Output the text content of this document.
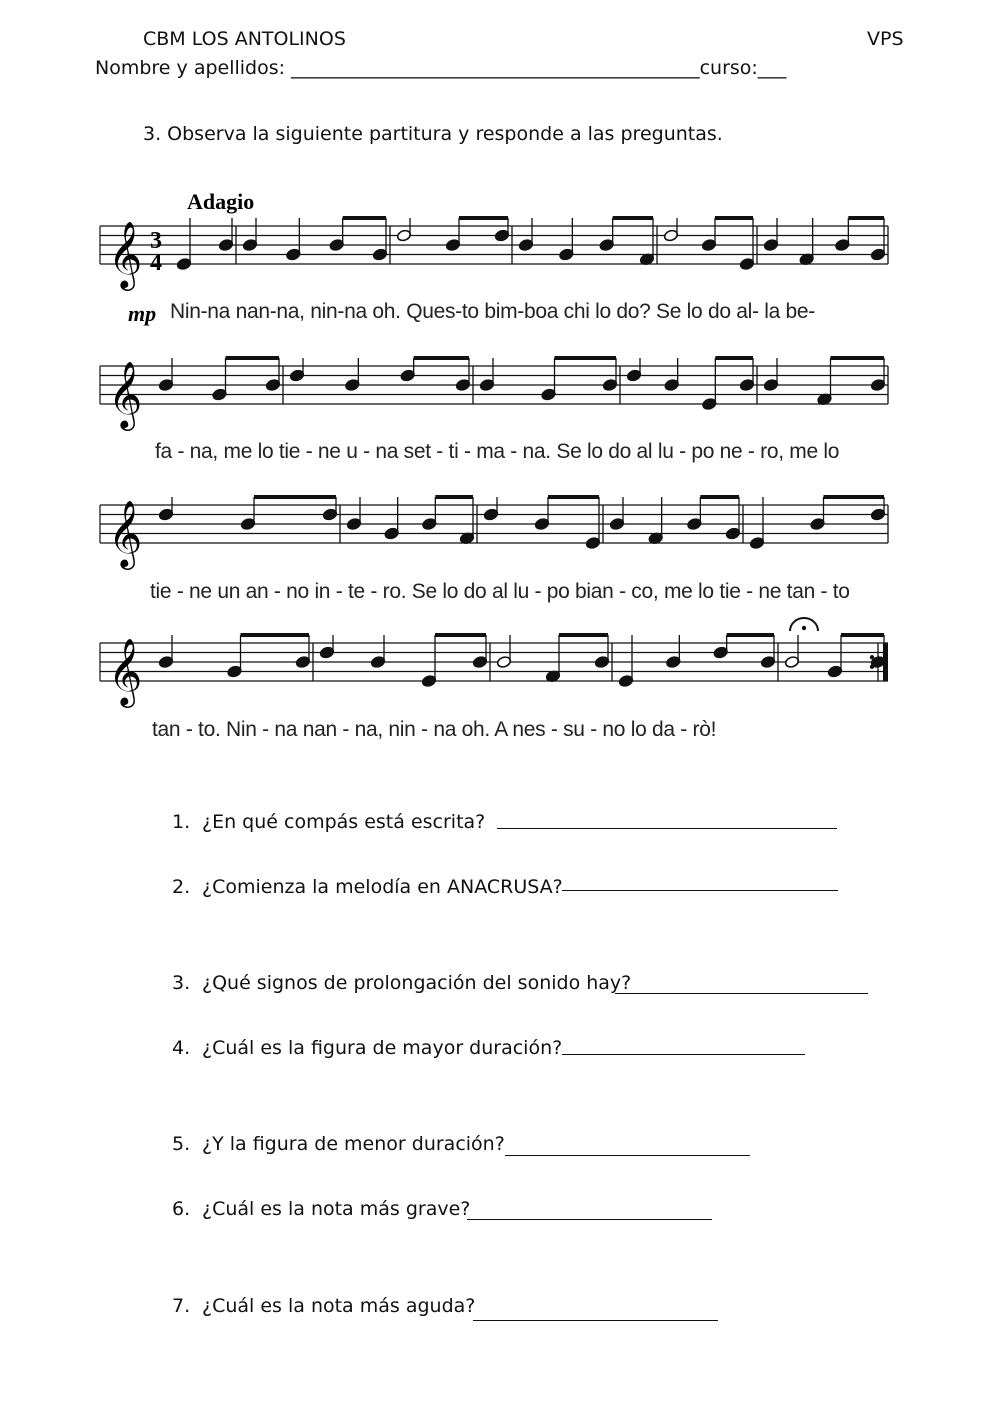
CBM LOS ANTOLINOS	VPS
Nombre y apellidos: ___________________________________________curso:___
3. Observa la siguiente partitura y responde a las preguntas.
Adagio
3
4
mp
𝄞
𝄞
𝄞
𝄞
Nin-na nan-na, nin-na oh. Ques-to bim-boa chi lo do? Se lo do al- la be-
fa - na, me lo tie - ne u - na set - ti - ma - na. Se lo do al lu - po ne - ro, me lo
tie - ne un an - no in - te - ro. Se lo do al lu - po bian - co, me lo tie - ne tan - to
tan - to. Nin - na nan - na, nin - na oh. A nes - su - no lo da - rò!
1. ¿En qué compás está escrita?
2. ¿Comienza la melodía en ANACRUSA?
3. ¿Qué signos de prolongación del sonido hay?
4. ¿Cuál es la figura de mayor duración?
5. ¿Y la figura de menor duración?
6. ¿Cuál es la nota más grave?
7. ¿Cuál es la nota más aguda?
